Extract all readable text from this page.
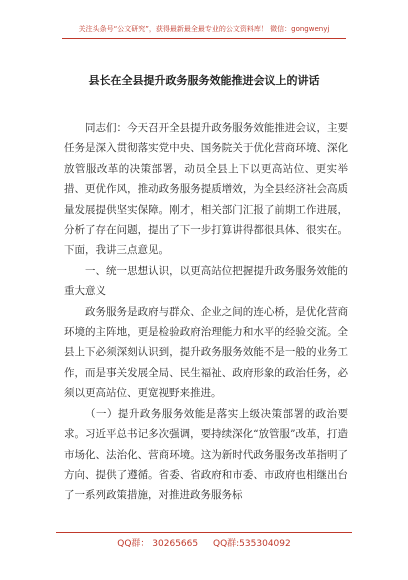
关注头条号“公文研究”，获得最新最全最专业的公文资料库！ 微信：gongwenyj
县长在全县提升政务服务效能推进会议上的讲话

同志们：今天召开全县提升政务服务效能推进会议，主要任务是深入贯彻落实党中央、国务院关于优化营商环境、深化放管服改革的决策部署，动员全县上下以更高站位、更实举措、更优作风，推动政务服务提质增效，为全县经济社会高质量发展提供坚实保障。刚才，相关部门汇报了前期工作进展，分析了存在问题，提出了下一步打算讲得都很具体、很实在。下面，我讲三点意见。

一、统一思想认识，以更高站位把握提升政务服务效能的重大意义

政务服务是政府与群众、企业之间的连心桥，是优化营商环境的主阵地，更是检验政府治理能力和水平的经验交流。全县上下必须深刻认识到，提升政务服务效能不是一般的业务工作，而是事关发展全局、民生福祉、政府形象的政治任务，必须以更高站位、更宽视野来推进。

（一）提升政务服务效能是落实上级决策部署的政治要求。习近平总书记多次强调，要持续深化“放管服”改革，打造市场化、法治化、营商环境。这为新时代政务服务改革指明了方向、提供了遵循。省委、省政府和市委、市政府也相继出台了一系列政策措施，对推进政务服务标

QQ群： 30265665 QQ群:535304092
